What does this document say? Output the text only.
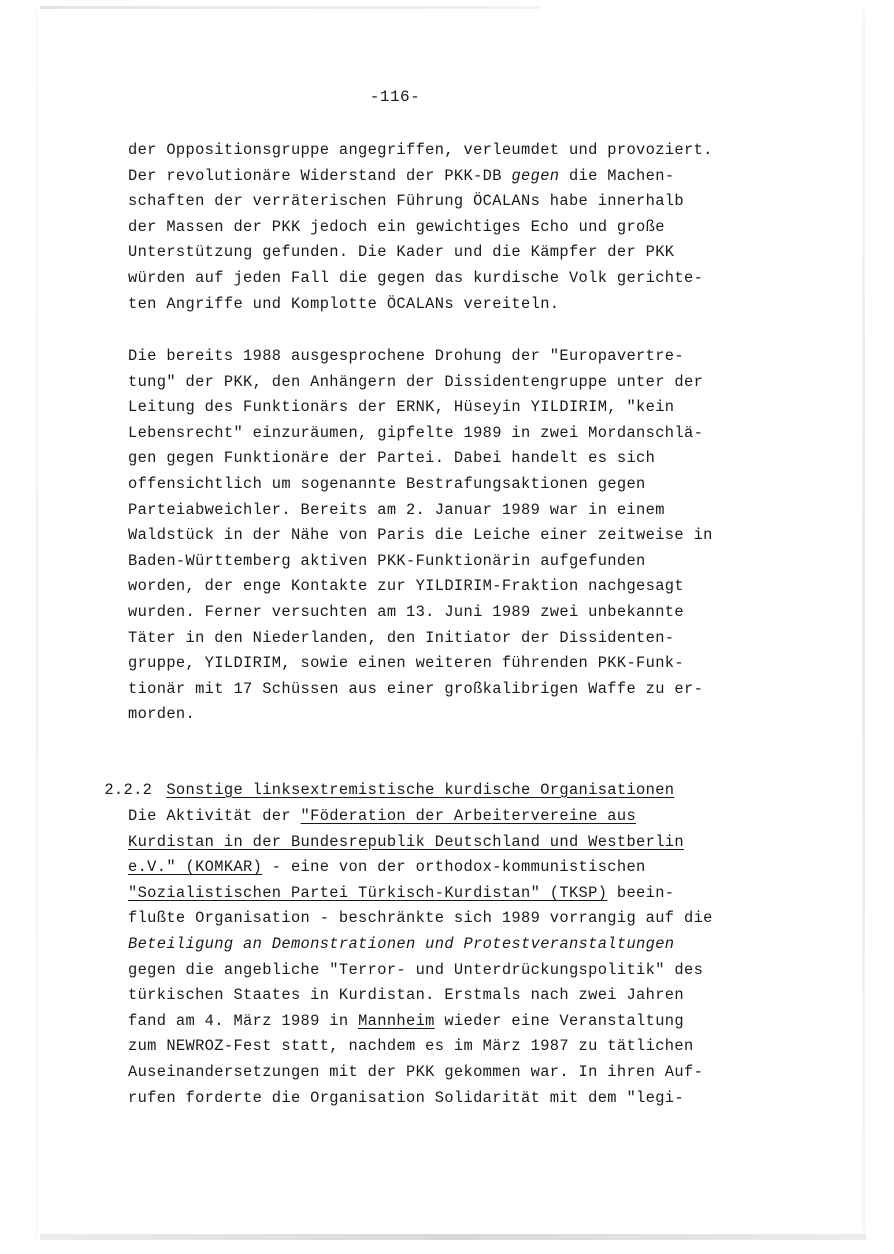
-116-
der Oppositionsgruppe angegriffen, verleumdet und provoziert.
Der revolutionäre Widerstand der PKK-DB gegen die Machen-
schaften der verräterischen Führung ÖCALANs habe innerhalb
der Massen der PKK jedoch ein gewichtiges Echo und große
Unterstützung gefunden. Die Kader und die Kämpfer der PKK
würden auf jeden Fall die gegen das kurdische Volk gerichte-
ten Angriffe und Komplotte ÖCALANs vereiteln.
Die bereits 1988 ausgesprochene Drohung der "Europavertre-
tung" der PKK, den Anhängern der Dissidentengruppe unter der
Leitung des Funktionärs der ERNK, Hüseyin YILDIRIM, "kein
Lebensrecht" einzuräumen, gipfelte 1989 in zwei Mordanschlä-
gen gegen Funktionäre der Partei. Dabei handelt es sich
offensichtlich um sogenannte Bestrafungsaktionen gegen
Parteiabweichler. Bereits am 2. Januar 1989 war in einem
Waldstück in der Nähe von Paris die Leiche einer zeitweise in
Baden-Württemberg aktiven PKK-Funktionärin aufgefunden
worden, der enge Kontakte zur YILDIRIM-Fraktion nachgesagt
wurden. Ferner versuchten am 13. Juni 1989 zwei unbekannte
Täter in den Niederlanden, den Initiator der Dissidenten-
gruppe, YILDIRIM, sowie einen weiteren führenden PKK-Funk-
tionär mit 17 Schüssen aus einer großkalibrigen Waffe zu er-
morden.

2.2.2 Sonstige linksextremistische kurdische Organisationen

Die Aktivität der "Föderation der Arbeitervereine aus
Kurdistan in der Bundesrepublik Deutschland und Westberlin
e.V." (KOMKAR) - eine von der orthodox-kommunistischen
"Sozialistischen Partei Türkisch-Kurdistan" (TKSP) beein-
flußte Organisation - beschränkte sich 1989 vorrangig auf die
Beteiligung an Demonstrationen und Protestveranstaltungen
gegen die angebliche "Terror- und Unterdrückungspolitik" des
türkischen Staates in Kurdistan. Erstmals nach zwei Jahren
fand am 4. März 1989 in Mannheim wieder eine Veranstaltung
zum NEWROZ-Fest statt, nachdem es im März 1987 zu tätlichen
Auseinandersetzungen mit der PKK gekommen war. In ihren Auf-
rufen forderte die Organisation Solidarität mit dem "legi-
